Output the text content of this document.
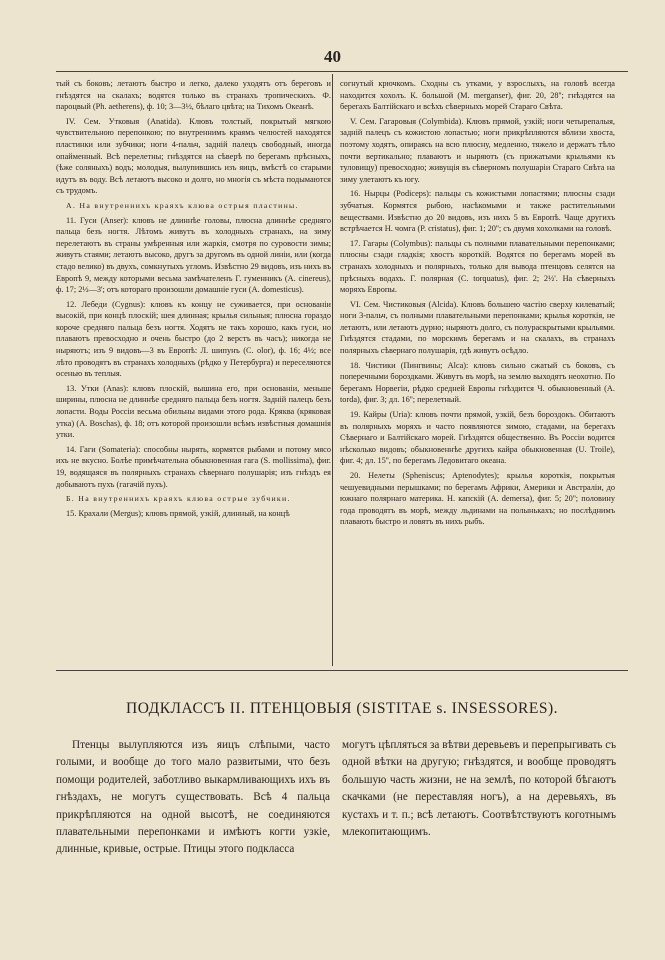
40

тый съ боковъ; летаютъ быстро и легко, далеко уходятъ отъ береговъ и гнѣздятся на скалахъ; водятся только въ странахъ тропическихъ. Ф. пароцвый (Ph. aetherens), ф. 10; 3—3½, бѣлаго цвѣта; на Тихомъ Океанѣ.

IV. Сем. Утковыя (Anatida). Клювъ толстый, покрытый мягкою чувствительною перепонкою; по внутреннимъ краямъ челюстей находятся пластинки или зубчики; ноги 4-пальч, задній палецъ свободный, иногда опайменный. Всѣ перелетны; гнѣздятся на сѣверѣ по берегамъ прѣсныхъ, (ѣже соляныхъ) водъ; молодыя, вылупившись изъ яицъ, вмѣстѣ со старыми идутъ въ воду. Всѣ летаютъ высоко и долго, но многія съ мѣста подымаются съ трудомъ.

А. На внутреннихъ краяхъ клюва острыя пластины.

11. Гуси (Anser): клювъ не длиннѣе головы, плюсна длиннѣе средняго пальца безъ ногтя. Лѣтомъ живутъ въ холодныхъ странахъ, на зиму перелетаютъ въ страны умѣренныя или жаркія, смотря по суровости зимы; живутъ стаями; летаютъ высоко, другъ за другомъ въ одной линіи, или (когда стадо велико) въ двухъ, сомкнутыхъ угломъ. Извѣстно 29 видовъ, изъ нихъ въ Европѣ 9, между которыми весьма замѣчателенъ Г. гуменникъ (A. cinereus), ф. 17; 2½—3'; отъ котораго произошли домашніе гуси (A. domesticus).

12. Лебеди (Cygnus): клювъ къ концу не суживается, при основаніи высокій, при концѣ плоскій; шея длинная; крылья сильныя; плюсна гораздо короче средняго пальца безъ ногтя. Ходятъ не такъ хорошо, какъ гуси, но плаваютъ превосходно и очень быстро (до 2 верстъ въ часъ); никогда не ныряютъ; изъ 9 видовъ—3 въ Европѣ: Л. шипунъ (C. olor), ф. 16; 4½; все лѣто проводятъ въ странахъ холодныхъ (рѣдко у Петербурга) и переселяются осенью въ теплыя.

13. Утки (Anas): клювъ плоскій, вышина его, при основаніи, меньше ширины, плюсна не длиннѣе средняго пальца безъ ногтя. Задній палецъ безъ лопасти. Воды Россіи весьма обильны видами этого рода. Кряква (кряковая утка) (A. Boschas), ф. 18; отъ которой произошли всѣмъ извѣстныя домашнія утки.

14. Гаги (Somateria): способны нырять, кормятся рыбами и потому мясо ихъ не вкусно. Болѣе примѣчательна обыкновенная гага (S. mollissima), фиг. 19, водящаяся въ полярныхъ странахъ сѣвернаго полушарія; изъ гнѣздъ ея добываютъ пухъ (гагачій пухъ).

Б. На внутреннихъ краяхъ клюва острые зубчики.

15. Крахали (Mergus); клювъ прямой, узкій, длинный, на концѣ

согнутый крючкомъ. Сходны съ утками, у взрослыхъ, на головѣ всегда находится хохолъ. К. большой (M. merganser), фиг. 20, 28''; гнѣздятся на берегахъ Балтійскаго и всѣхъ сѣверныхъ морей Стараго Свѣта.

V. Сем. Гагаровыя (Colymbida). Клювъ прямой, узкій; ноги четырепалыя, задній палецъ съ кожистою лопастью; ноги прикрѣпляются вблизи хвоста, поэтому ходятъ, опираясь на всю плюсну, медленно, тяжело и держатъ тѣло почти вертикально; плаваютъ и ныряютъ (съ прижатыми крыльями къ туловищу) превосходно; живущія въ сѣверномъ полушаріи Стараго Свѣта на зиму улетаютъ къ югу.

16. Нырцы (Podiceps): пальцы съ кожистыми лопастями; плюсны сзади зубчатыя. Кормятся рыбою, насѣкомыми и также растительными веществами. Извѣстно до 20 видовъ, изъ нихъ 5 въ Европѣ. Чаще другихъ встрѣчается Н. чомга (P. cristatus), фиг. 1; 20''; съ двумя хохолками на головѣ.

17. Гагары (Colymbus): пальцы съ полными плавательными перепонками; плюсны сзади гладкія; хвостъ короткій. Водятся по берегамъ морей въ странахъ холодныхъ и полярныхъ, только для вывода птенцовъ селятся на прѣсныхъ водахъ. Г. полярная (C. torquatus), фиг. 2; 2½'. На сѣверныхъ моряхъ Европы.

VI. Сем. Чистиковыя (Alcida). Клювъ большею частію сверху килеватый; ноги 3-пальч, съ полными плавательными перепонками; крылья короткія, не летаютъ, или летаютъ дурно; ныряютъ долго, съ полураскрытыми крыльями. Гнѣздятся стадами, по морскимъ берегамъ и на скалахъ, въ странахъ полярныхъ сѣвернаго полушарія, гдѣ живутъ осѣдло.

18. Чистики (Пингвины; Alca): клювъ сильно сжатый съ боковъ, съ поперечными бороздками. Живутъ въ морѣ, на землю выходятъ неохотно. По берегамъ Норвегіи, рѣдко средней Европы гнѣздится Ч. обыкновенный (A. torda), фиг. 3; дл. 16''; перелетный.

19. Кайры (Uria): клювъ почти прямой, узкій, безъ бороздокъ. Обитаютъ въ полярныхъ моряхъ и часто появляются зимою, стадами, на берегахъ Сѣвернаго и Балтійскаго морей. Гнѣздятся общественно. Въ Россіи водится нѣсколько видовъ; обыкновеннѣе другихъ кайра обыкновенная (U. Troile), фиг. 4; дл. 15'', по берегамъ Ледовитаго океана.

20. Нелеты (Spheniscus; Aptenodytes); крылья короткія, покрытыя чешуевидными перышками; по берегамъ Африки, Америки и Австраліи, до южнаго полярнаго материка. Н. капскій (A. demersa), фиг. 5; 20''; половину года проводятъ въ морѣ, между льдинами на полынькахъ; но послѣднимъ плавають быстро и ловятъ въ нихъ рыбъ.

ПОДКЛАССЪ II. ПТЕНЦОВЫЯ (SISTITAE s. INSESSORES).

Птенцы вылупляются изъ яицъ слѣпыми, часто голыми, и вообще до того мало развитыми, что безъ помощи родителей, заботливо выкармливающихъ ихъ въ гнѣздахъ, не могутъ существовать. Всѣ 4 пальца прикрѣпляются на одной высотѣ, не соединяются плавательными перепонками и имѣютъ когти узкіе, длинные, кривые, острые. Птицы этого подкласса

могутъ цѣпляться за вѣтви деревьевъ и перепрыгивать съ одной вѣтки на другую; гнѣздятся, и вообще проводятъ большую часть жизни, не на землѣ, по которой бѣгаютъ скачками (не переставляя ногъ), а на деревьяхъ, въ кустахъ и т. п.; всѣ летаютъ. Соотвѣтствуютъ коготнымъ млекопитающимъ.
